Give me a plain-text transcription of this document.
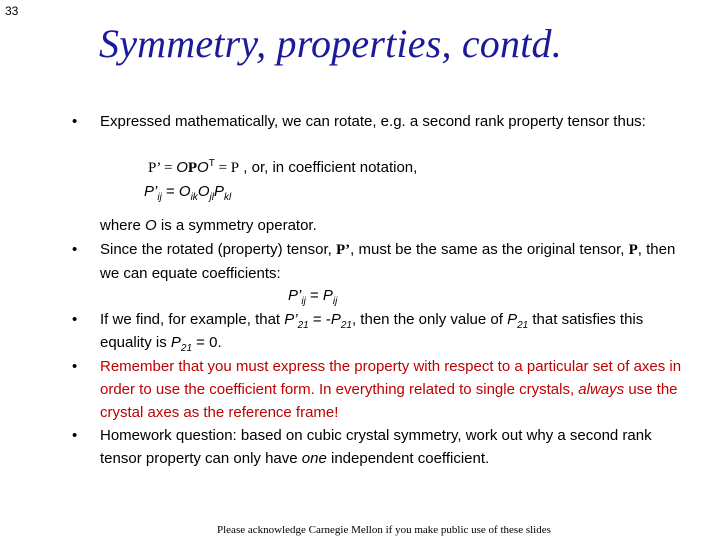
33
Symmetry, properties, contd.
• Expressed mathematically, we can rotate, e.g. a second rank property tensor thus:
P’ = $OPO^T = P$ , or, in coefficient notation,
$P’_{ij} = O_{ik}O_{jl}P_{kl}$
where O is a symmetry operator.
• Since the rotated (property) tensor, P’, must be the same as the original tensor, P, then we can equate coefficients:
$P’_{ij} = P_{ij}$
• If we find, for example, that $P’_{21} = -P_{21}$, then the only value of $P_{21}$ that satisfies this equality is $P_{21} = 0$.
• Remember that you must express the property with respect to a particular set of axes in order to use the coefficient form. In everything related to single crystals, always use the crystal axes as the reference frame!
• Homework question: based on cubic crystal symmetry, work out why a second rank tensor property can only have one independent coefficient.
Please acknowledge Carnegie Mellon if you make public use of these slides
